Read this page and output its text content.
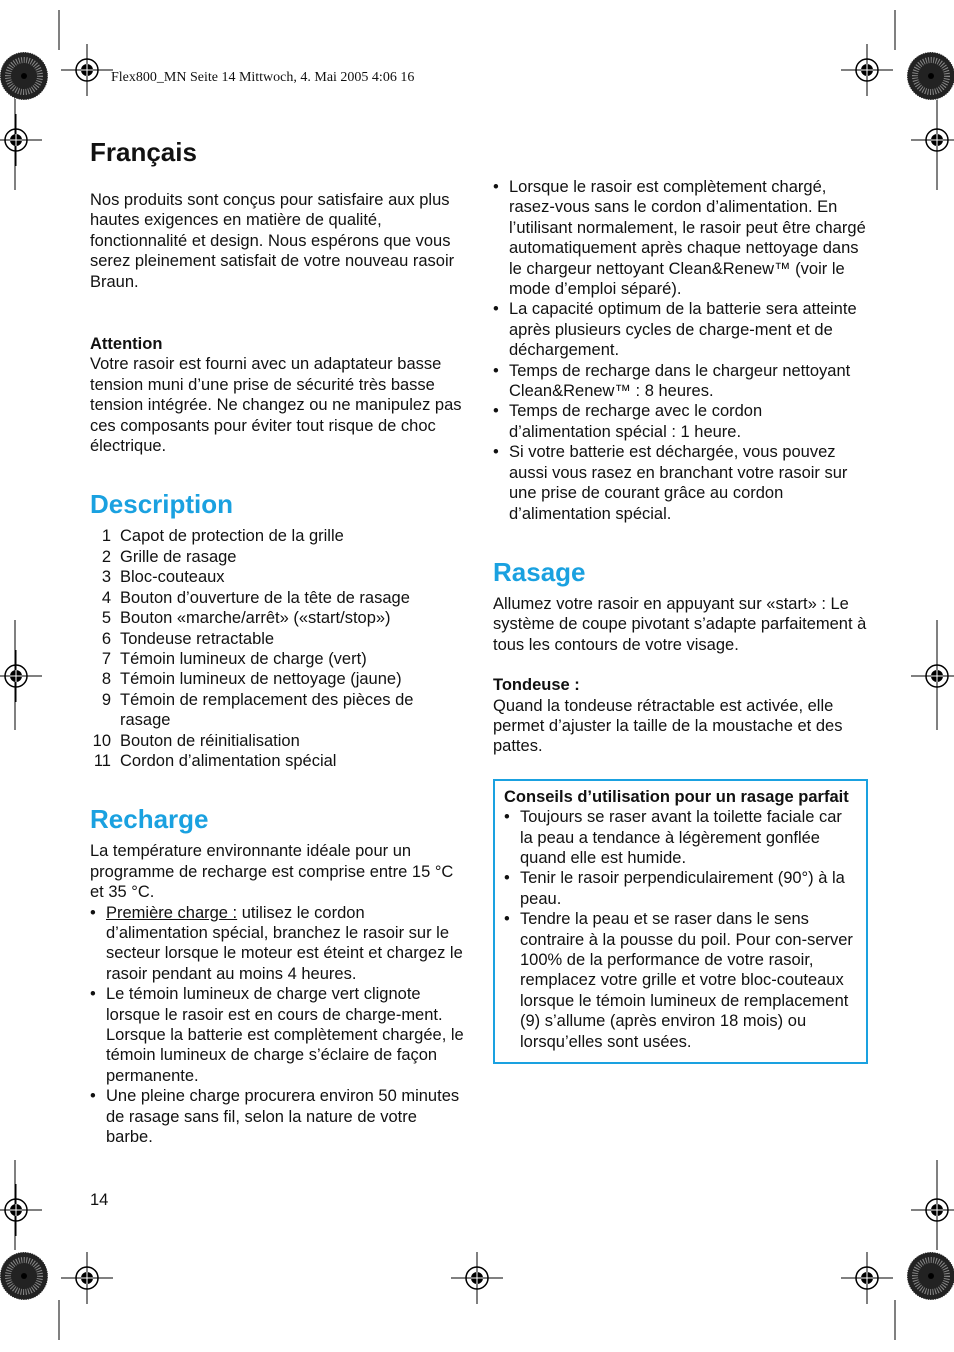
Flex800_MN Seite 14 Mittwoch, 4. Mai 2005 4:06 16
Français

Nos produits sont conçus pour satisfaire aux plus hautes exigences en matière de qualité, fonctionnalité et design. Nous espérons que vous serez pleinement satisfait de votre nouveau rasoir Braun.

Attention

Votre rasoir est fourni avec un adaptateur basse tension muni d’une prise de sécurité très basse tension intégrée. Ne changez ou ne manipulez pas ces composants pour éviter tout risque de choc électrique.

Description
1 Capot de protection de la grille
2 Grille de rasage
3 Bloc-couteaux
4 Bouton d’ouverture de la tête de rasage
5 Bouton «marche/arrêt» («start/stop»)
6 Tondeuse retractable
7 Témoin lumineux de charge (vert)
8 Témoin lumineux de nettoyage (jaune)
9 Témoin de remplacement des pièces de rasage
10 Bouton de réinitialisation
11 Cordon d’alimentation spécial
Recharge

La température environnante idéale pour un programme de recharge est comprise entre 15 °C et 35 °C.

• Première charge : utilisez le cordon d’alimentation spécial, branchez le rasoir sur le secteur lorsque le moteur est éteint et chargez le rasoir pendant au moins 4 heures.
• Le témoin lumineux de charge vert clignote lorsque le rasoir est en cours de charge-ment. Lorsque la batterie est complètement chargée, le témoin lumineux de charge s’éclaire de façon permanente.
• Une pleine charge procurera environ 50 minutes de rasage sans fil, selon la nature de votre barbe.
• Lorsque le rasoir est complètement chargé, rasez-vous sans le cordon d’alimentation. En l’utilisant normalement, le rasoir peut être chargé automatiquement après chaque nettoyage dans le chargeur nettoyant Clean&Renew™ (voir le mode d’emploi séparé).
• La capacité optimum de la batterie sera atteinte après plusieurs cycles de charge-ment et de déchargement.
• Temps de recharge dans le chargeur nettoyant Clean&Renew™ : 8 heures.
• Temps de recharge avec le cordon d’alimentation spécial : 1 heure.
• Si votre batterie est déchargée, vous pouvez aussi vous rasez en branchant votre rasoir sur une prise de courant grâce au cordon d’alimentation spécial.
Rasage

Allumez votre rasoir en appuyant sur «start» : Le système de coupe pivotant s’adapte parfaitement à tous les contours de votre visage.

Tondeuse :

Quand la tondeuse rétractable est activée, elle permet d’ajuster la taille de la moustache et des pattes.

Conseils d’utilisation pour un rasage parfait

• Toujours se raser avant la toilette faciale car la peau a tendance à légèrement gonflée quand elle est humide.
• Tenir le rasoir perpendiculairement (90°) à la peau.
• Tendre la peau et se raser dans le sens contraire à la pousse du poil. Pour con-server 100% de la performance de votre rasoir, remplacez votre grille et votre bloc-couteaux lorsque le témoin lumineux de remplacement (9) s’allume (après environ 18 mois) ou lorsqu’elles sont usées.
14
